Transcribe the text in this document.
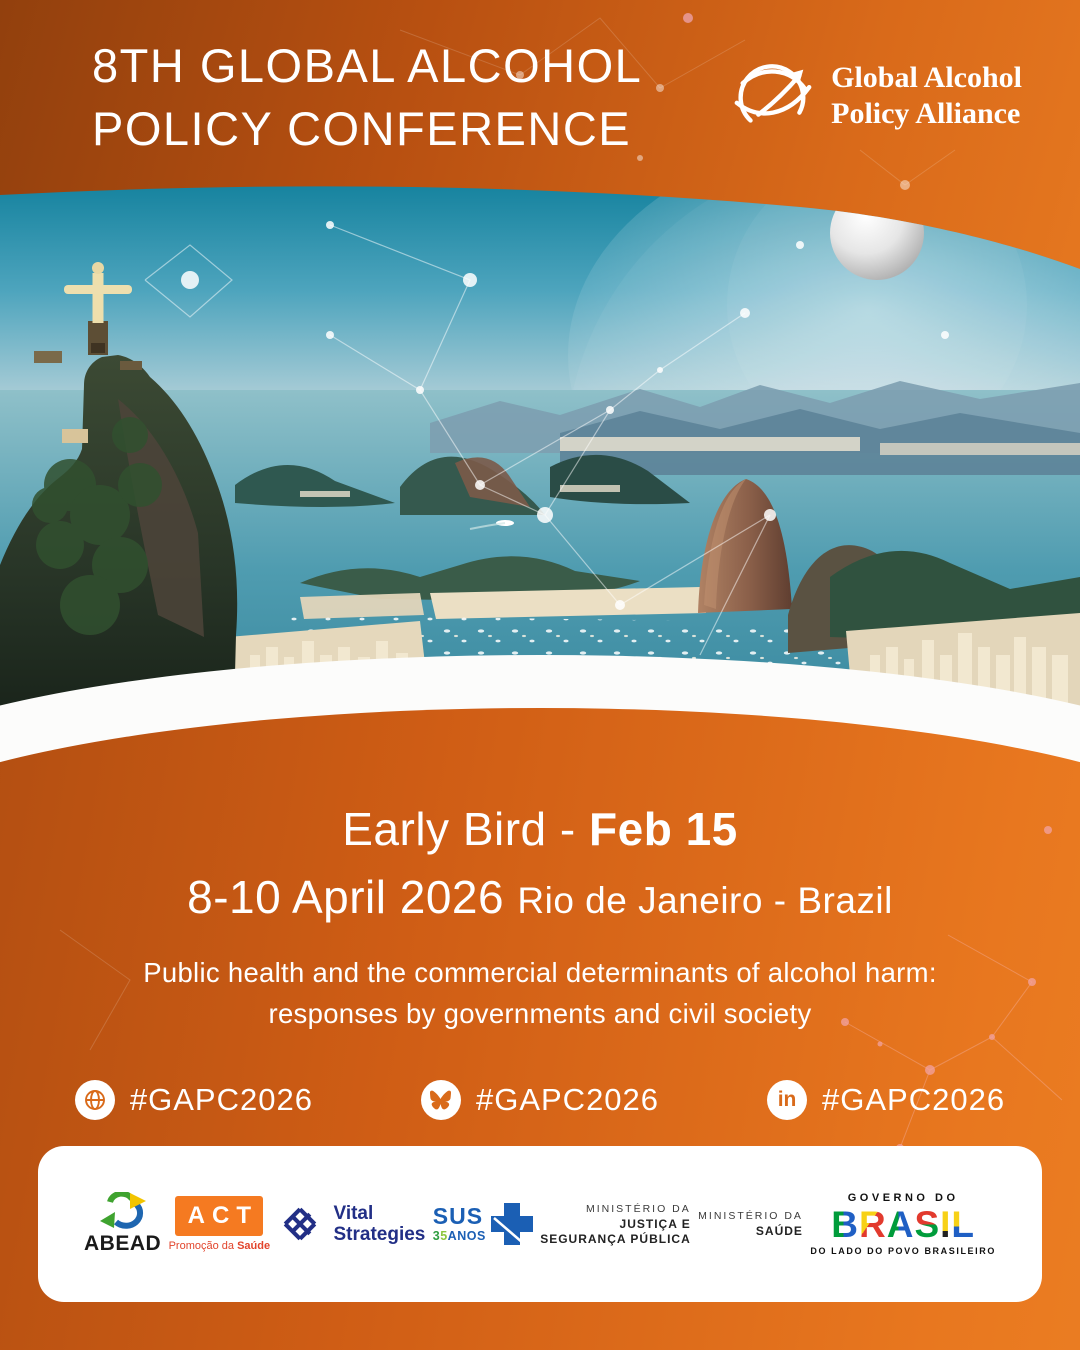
8TH GLOBAL ALCOHOL
POLICY CONFERENCE
Global Alcohol
Policy Alliance
Early Bird - Feb 15
8-10 April 2026 Rio de Janeiro - Brazil
Public health and the commercial determinants of alcohol harm:
responses by governments and civil society
#GAPC2026	#GAPC2026	in #GAPC2026
ABEAD
ACT
Promoção da Saúde
Vital
Strategies
SUS
35ANOS
MINISTÉRIO DA
JUSTIÇA E
SEGURANÇA PÚBLICA
MINISTÉRIO DA
SAÚDE
GOVERNO DO
B R A S I L
DO LADO DO POVO BRASILEIRO
